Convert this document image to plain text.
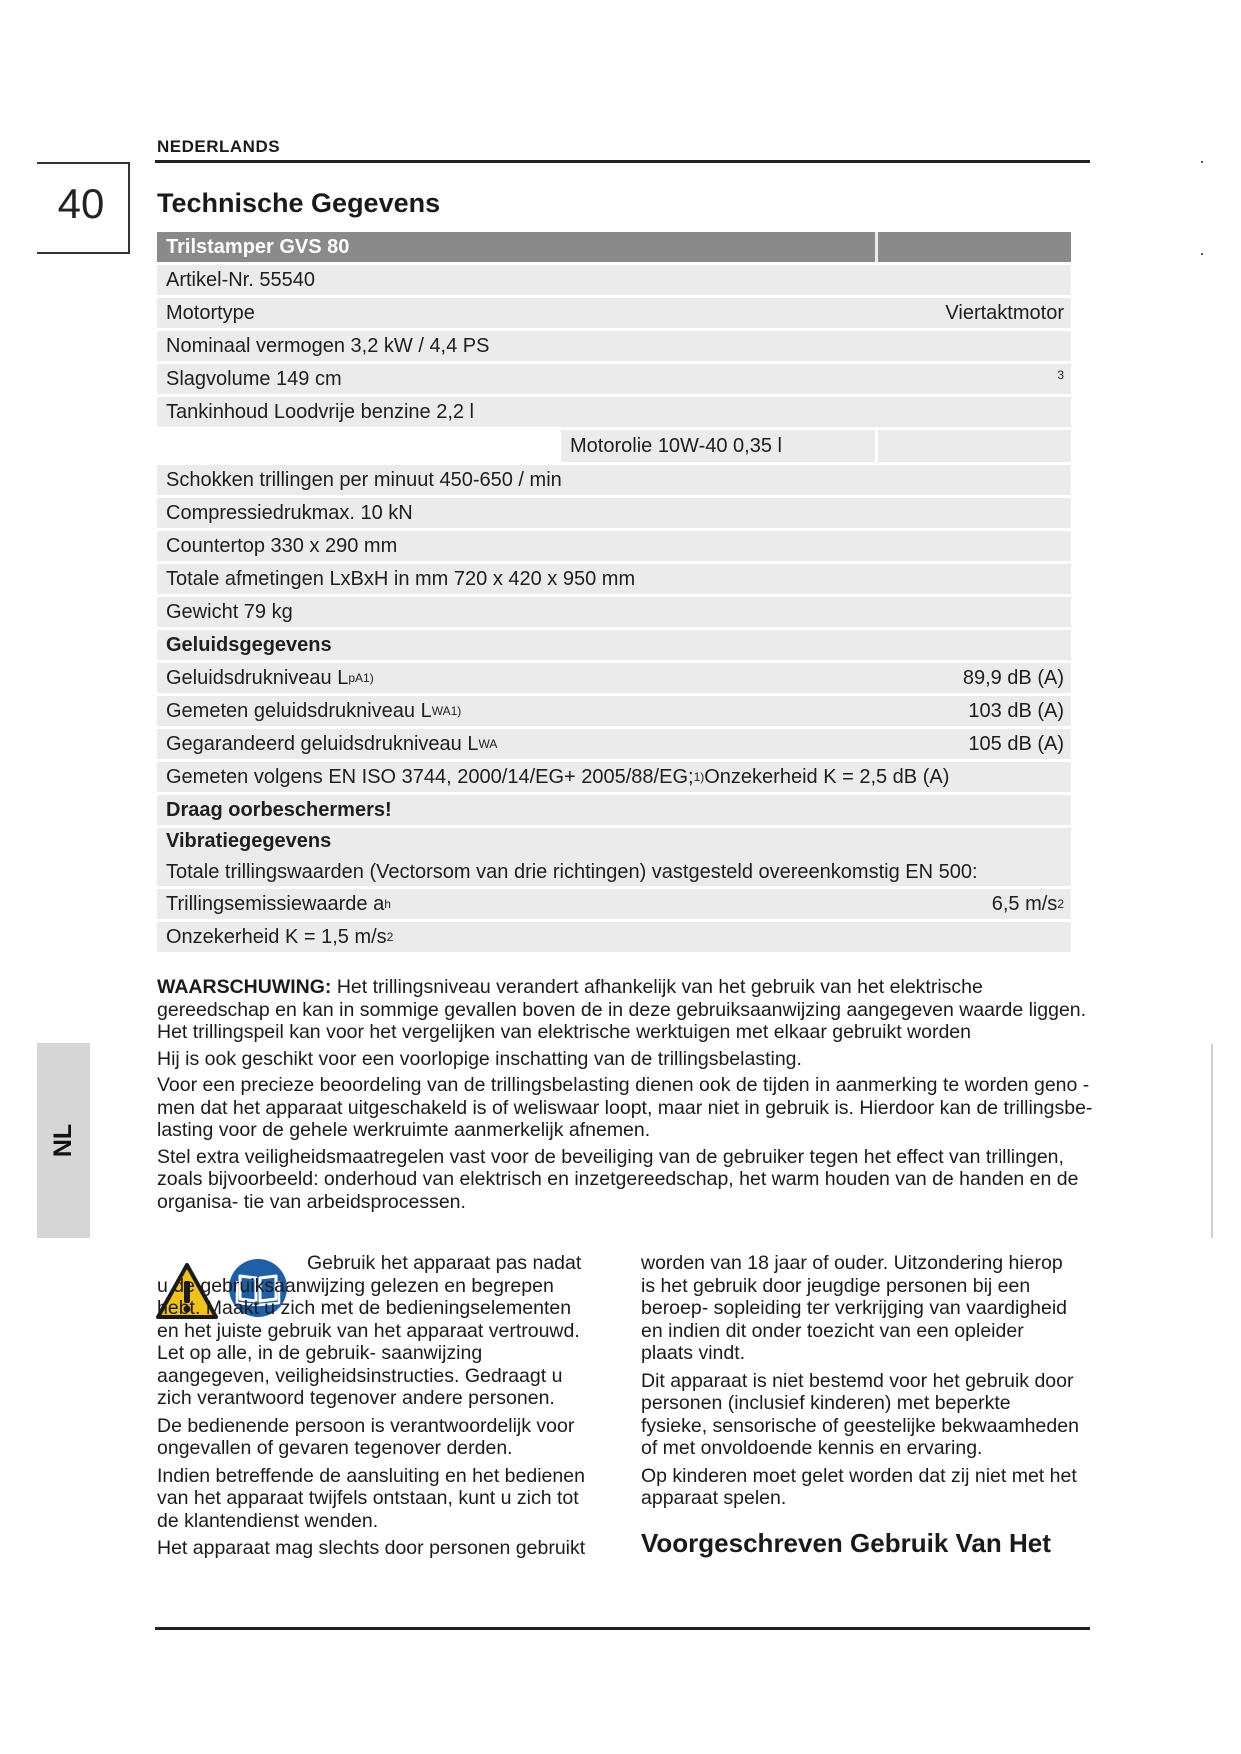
NEDERLANDS
40
NL
Technische Gegevens
Trilstamper GVS 80
Artikel-Nr. 55540
Motortype	Viertaktmotor
Nominaal vermogen 3,2 kW / 4,4 PS
Slagvolume 149 cm	3
Tankinhoud Loodvrije benzine 2,2 l
Motorolie 10W-40 0,35 l
Schokken trillingen per minuut 450-650 / min
Compressiedrukmax. 10 kN
Countertop 330 x 290 mm
Totale afmetingen LxBxH in mm 720 x 420 x 950 mm
Gewicht 79 kg
Geluidsgegevens
Geluidsdrukniveau L pA 1)	89,9 dB (A)
Gemeten geluidsdrukniveau L WA 1)	103 dB (A)
Gegarandeerd geluidsdrukniveau L WA	105 dB (A)
Gemeten volgens EN ISO 3744, 2000/14/EG+ 2005/88/EG; 1) Onzekerheid K = 2,5 dB (A)
Draag oorbeschermers!
Vibratiegegevens
Totale trillingswaarden (Vectorsom van drie richtingen) vastgesteld overeenkomstig EN 500:
Trillingsemissiewaarde a h	6,5 m/s 2
Onzekerheid K = 1,5 m/s 2

WAARSCHUWING: Het trillingsniveau verandert afhankelijk van het gebruik van het elektrische gereedschap en kan in sommige gevallen boven de in deze gebruiksaanwijzing aangegeven waarde liggen.
Het trillingspeil kan voor het vergelijken van elektrische werktuigen met elkaar gebruikt worden

Hij is ook geschikt voor een voorlopige inschatting van de trillingsbelasting.

Voor een precieze beoordeling van de trillingsbelasting dienen ook de tijden in aanmerking te worden geno - men dat het apparaat uitgeschakeld is of weliswaar loopt, maar niet in gebruik is. Hierdoor kan de trillingsbe- lasting voor de gehele werkruimte aanmerkelijk afnemen.

Stel extra veiligheidsmaatregelen vast voor de beveiliging van de gebruiker tegen het effect van trillingen, zoals bijvoorbeeld: onderhoud van elektrisch en inzetgereedschap, het warm houden van de handen en de organisa- tie van arbeidsprocessen.

Gebruik het apparaat pas nadat u de gebruiksaanwijzing gelezen en begrepen hebt. Maakt u zich met de bedieningselementen en het juiste gebruik van het apparaat vertrouwd. Let op alle, in de gebruik- saanwijzing aangegeven, veiligheidsinstructies. Gedraagt u zich verantwoord tegenover andere personen.

De bedienende persoon is verantwoordelijk voor ongevallen of gevaren tegenover derden.

Indien betreffende de aansluiting en het bedienen van het apparaat twijfels ontstaan, kunt u zich tot de klantendienst wenden.

Het apparaat mag slechts door personen gebruikt

worden van 18 jaar of ouder. Uitzondering hierop is het gebruik door jeugdige personen bij een beroep- sopleiding ter verkrijging van vaardigheid en indien dit onder toezicht van een opleider plaats vindt.

Dit apparaat is niet bestemd voor het gebruik door personen (inclusief kinderen) met beperkte fysieke, sensorische of geestelijke bekwaamheden of met onvoldoende kennis en ervaring.

Op kinderen moet gelet worden dat zij niet met het apparaat spelen.

Voorgeschreven Gebruik Van Het
